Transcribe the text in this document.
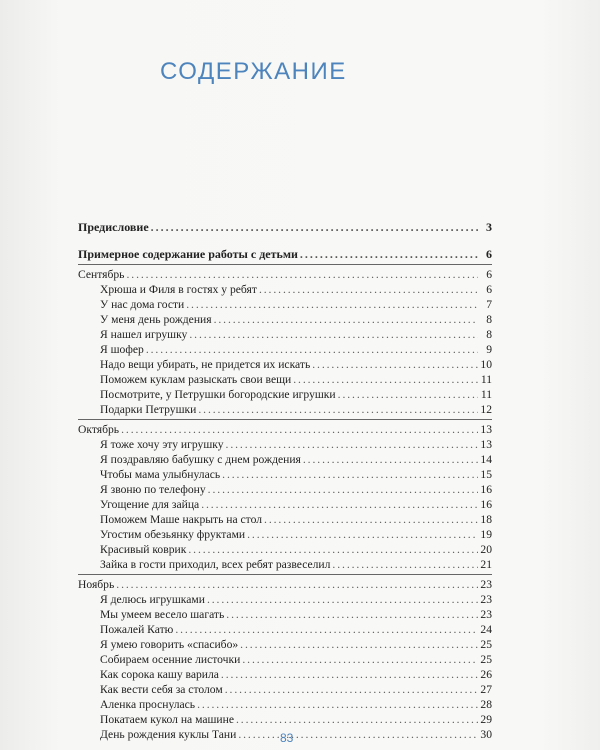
СОДЕРЖАНИЕ
Предисловие . . .	3
Примерное содержание работы с детьми . . .	6
Сентябрь . . .	6
Хрюша и Филя в гостях у ребят . . .	6
У нас дома гости . . .	7
У меня день рождения . . .	8
Я нашел игрушку . . .	8
Я шофер . . .	9
Надо вещи убирать, не придется их искать . . .	10
Поможем куклам разыскать свои вещи . . .	11
Посмотрите, у Петрушки богородские игрушки . . .	11
Подарки Петрушки . . .	12
Октябрь . . .	13
Я тоже хочу эту игрушку . . .	13
Я поздравляю бабушку с днем рождения . . .	14
Чтобы мама улыбнулась . . .	15
Я звоню по телефону . . .	16
Угощение для зайца . . .	16
Поможем Маше накрыть на стол . . .	18
Угостим обезьянку фруктами . . .	19
Красивый коврик . . .	20
Зайка в гости приходил, всех ребят развеселил . . .	21
Ноябрь . . .	23
Я делюсь игрушками . . .	23
Мы умеем весело шагать . . .	23
Пожалей Катю . . .	24
Я умею говорить «спасибо» . . .	25
Собираем осенние листочки . . .	25
Как сорока кашу варила . . .	26
Как вести себя за столом . . .	27
Аленка проснулась . . .	28
Покатаем кукол на машине . . .	29
День рождения куклы Тани . . .	30
83
